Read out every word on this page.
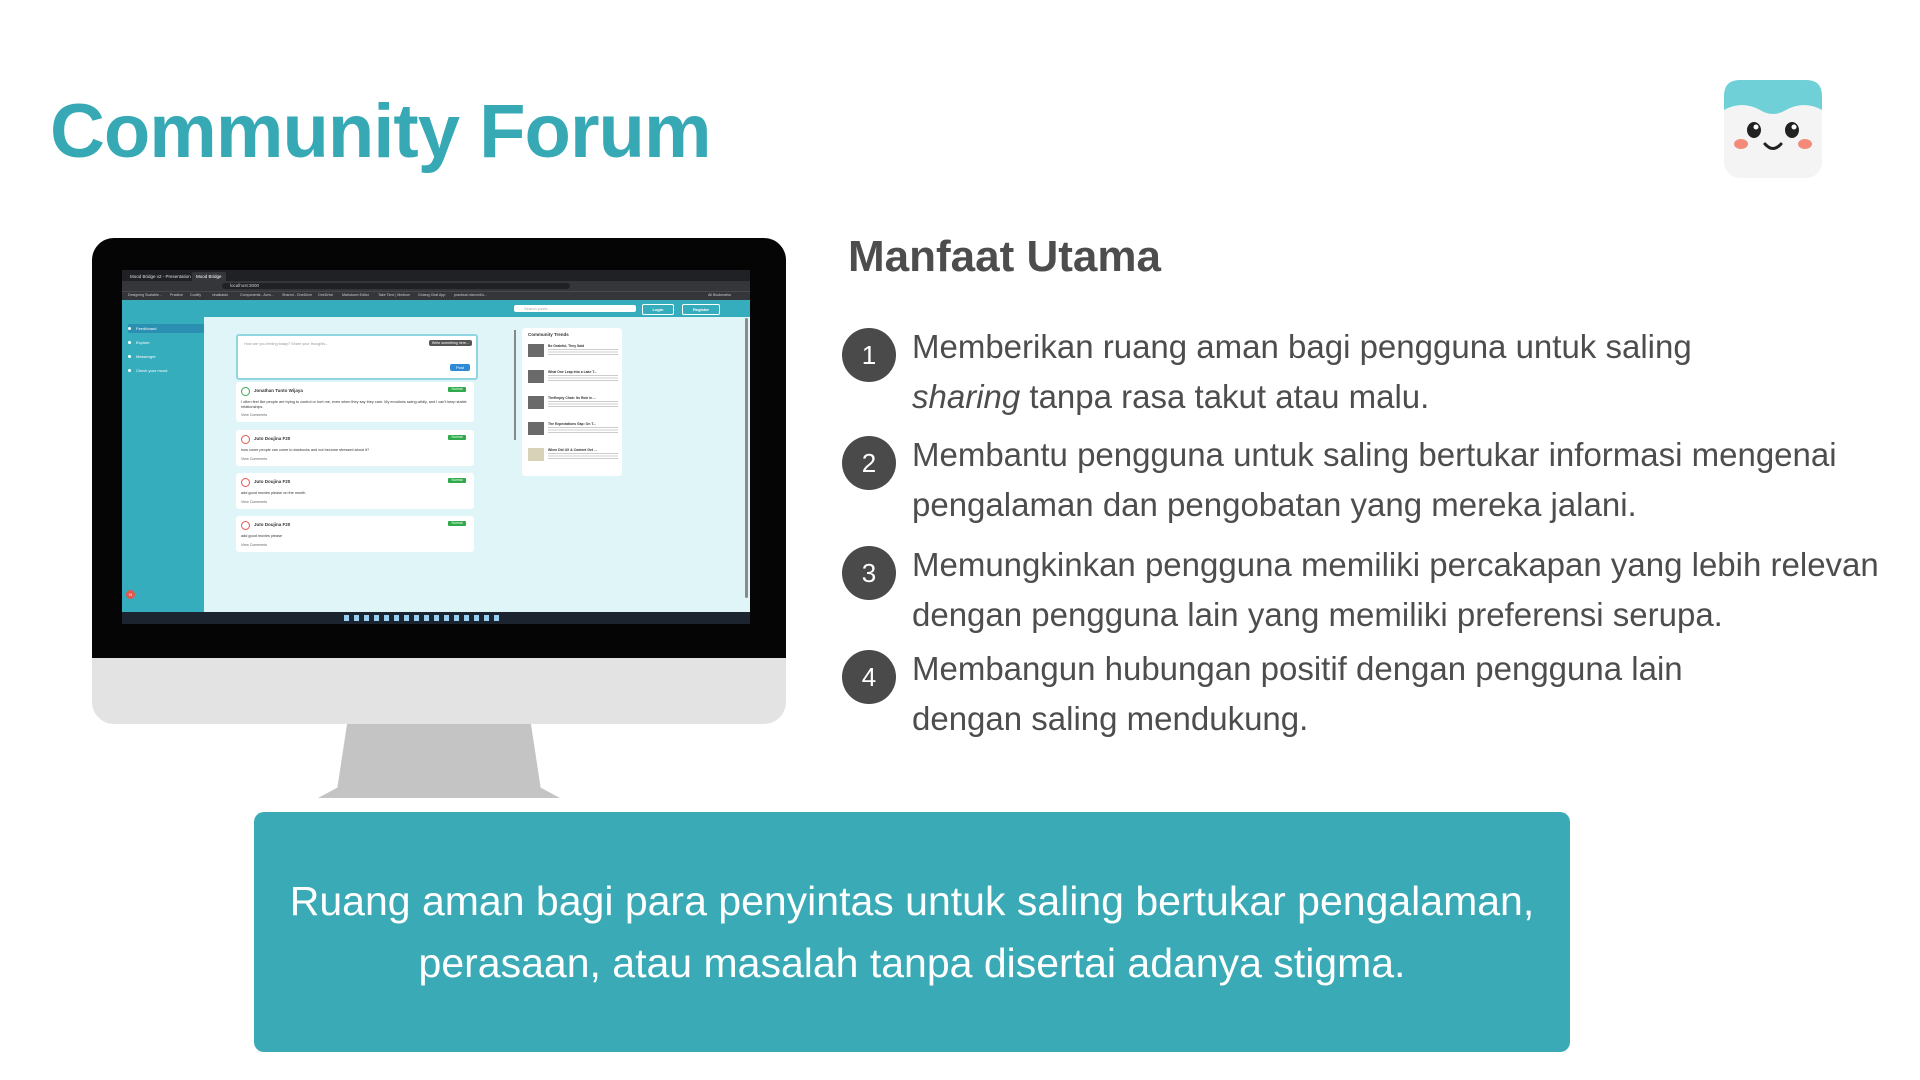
Community Forum
Mood Bridge v2 - Presentation	Mood Bridge
localhost:3000
Designing Scalable... Practice Coolify	vinaikasto	Components - Acm... Shared - OneDrive OneDrive Markdown Editor	Take Time | Medium Gnlang Chat App practical-micro/ol/o...	All Bookmarks
Search posts...	Login	Register
Feed/board
Explore
Messenger
Check your mood
N
How are you feeling today? Share your thoughts...	Write something here...
Post
Jonathan Tunto Wijaya	Normal
I often feel like people are trying to control or hurt me, even when they say they care. My emotions swing wildly, and I can't keep stable relationships.
View Comments
Juto Doujina F20	Normal
how come people can come to starbucks and not become stressed about it?
View Comments
Juto Doujina F20	Normal
add good movies please on the month
View Comments
Juto Doujina F20	Normal
add good movies please
View Comments
Community Trends
Be Grateful, They Said
What One Leap into a Lake T...
TheEmpty Chair: Its Role in ...
The Expectations Gap: On T...
When Did UX & Content Get ...
Manfaat Utama
1	Memberikan ruang aman bagi pengguna untuk saling
sharing tanpa rasa takut atau malu.
2	Membantu pengguna untuk saling bertukar informasi mengenai pengalaman dan pengobatan yang mereka jalani.
3	Memungkinkan pengguna memiliki percakapan yang lebih relevan dengan pengguna lain yang memiliki preferensi serupa.
4	Membangun hubungan positif dengan pengguna lain dengan saling mendukung.
Ruang aman bagi para penyintas untuk saling bertukar pengalaman, perasaan, atau masalah tanpa disertai adanya stigma.
